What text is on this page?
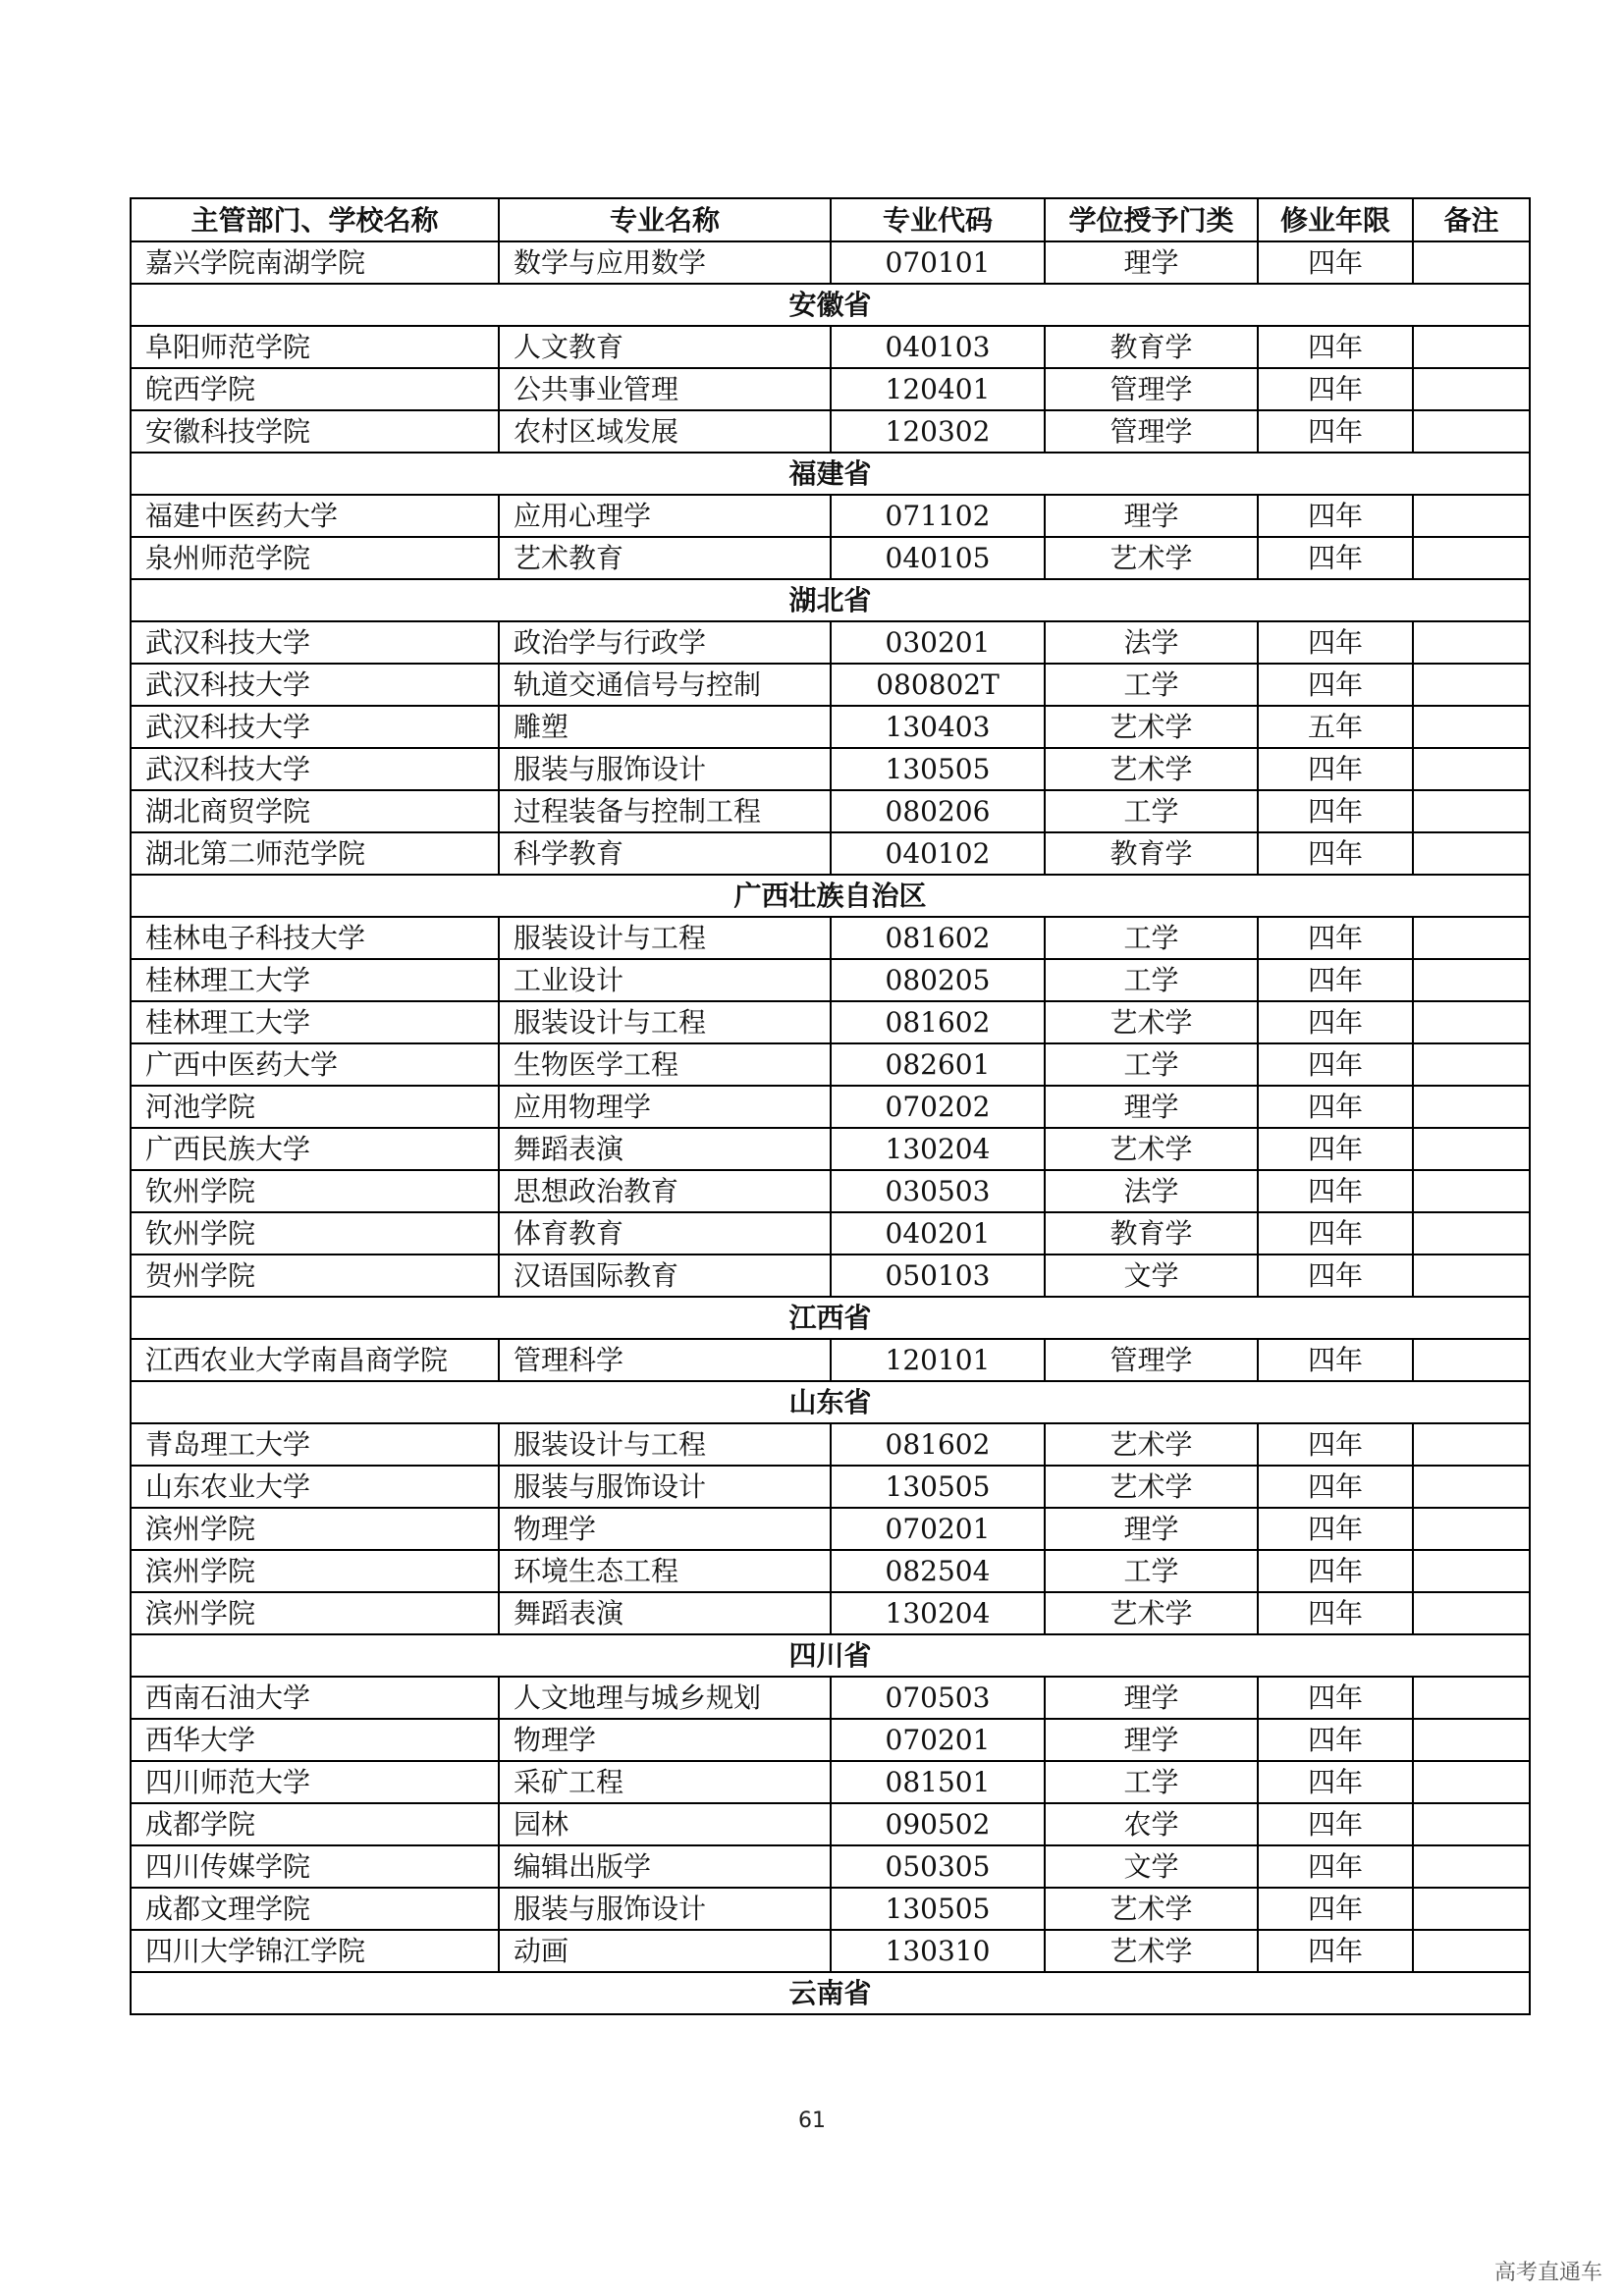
主管部门、学校名称	专业名称	专业代码	学位授予门类	修业年限	备注
嘉兴学院南湖学院	数学与应用数学	070101	理学	四年	
安徽省					
阜阳师范学院	人文教育	040103	教育学	四年	
皖西学院	公共事业管理	120401	管理学	四年	
安徽科技学院	农村区域发展	120302	管理学	四年	
福建省					
福建中医药大学	应用心理学	071102	理学	四年	
泉州师范学院	艺术教育	040105	艺术学	四年	
湖北省					
武汉科技大学	政治学与行政学	030201	法学	四年	
武汉科技大学	轨道交通信号与控制	080802T	工学	四年	
武汉科技大学	雕塑	130403	艺术学	五年	
武汉科技大学	服装与服饰设计	130505	艺术学	四年	
湖北商贸学院	过程装备与控制工程	080206	工学	四年	
湖北第二师范学院	科学教育	040102	教育学	四年	
广西壮族自治区					
桂林电子科技大学	服装设计与工程	081602	工学	四年	
桂林理工大学	工业设计	080205	工学	四年	
桂林理工大学	服装设计与工程	081602	艺术学	四年	
广西中医药大学	生物医学工程	082601	工学	四年	
河池学院	应用物理学	070202	理学	四年	
广西民族大学	舞蹈表演	130204	艺术学	四年	
钦州学院	思想政治教育	030503	法学	四年	
钦州学院	体育教育	040201	教育学	四年	
贺州学院	汉语国际教育	050103	文学	四年	
江西省					
江西农业大学南昌商学院	管理科学	120101	管理学	四年	
山东省					
青岛理工大学	服装设计与工程	081602	艺术学	四年	
山东农业大学	服装与服饰设计	130505	艺术学	四年	
滨州学院	物理学	070201	理学	四年	
滨州学院	环境生态工程	082504	工学	四年	
滨州学院	舞蹈表演	130204	艺术学	四年	
四川省					
西南石油大学	人文地理与城乡规划	070503	理学	四年	
西华大学	物理学	070201	理学	四年	
四川师范大学	采矿工程	081501	工学	四年	
成都学院	园林	090502	农学	四年	
四川传媒学院	编辑出版学	050305	文学	四年	
成都文理学院	服装与服饰设计	130505	艺术学	四年	
四川大学锦江学院	动画	130310	艺术学	四年	
云南省					
61
高考直通车
